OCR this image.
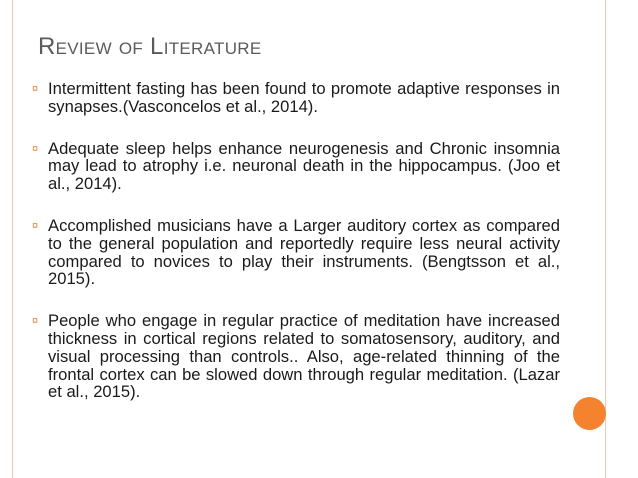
Review of Literature
¤ Intermittent fasting has been found to promote adaptive responses in synapses.(Vasconcelos et al., 2014).
¤ Adequate sleep helps enhance neurogenesis and Chronic insomnia may lead to atrophy i.e. neuronal death in the hippocampus. (Joo et al., 2014).
¤ Accomplished musicians have a Larger auditory cortex as compared to the general population and reportedly require less neural activity compared to novices to play their instruments. (Bengtsson et al., 2015).
¤ People who engage in regular practice of meditation have increased thickness in cortical regions related to somatosensory, auditory, and visual processing than controls.. Also, age-related thinning of the frontal cortex can be slowed down through regular meditation. (Lazar et al., 2015).
